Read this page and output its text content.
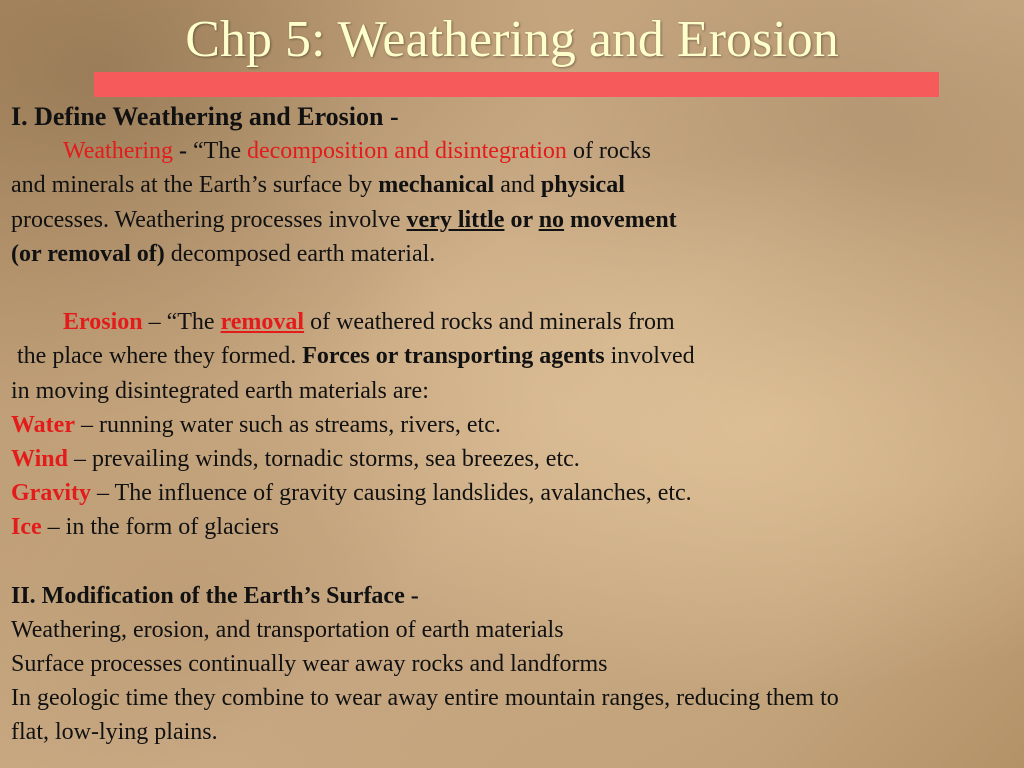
Chp 5: Weathering and Erosion
I. Define Weathering and Erosion -
Weathering - “The decomposition and disintegration of rocks
and minerals at the Earth’s surface by mechanical and physical
processes. Weathering processes involve very little or no movement
(or removal of) decomposed earth material.
Erosion – “The removal of weathered rocks and minerals from
the place where they formed. Forces or transporting agents involved
in moving disintegrated earth materials are:
Water – running water such as streams, rivers, etc.
Wind – prevailing winds, tornadic storms, sea breezes, etc.
Gravity – The influence of gravity causing landslides, avalanches, etc.
Ice – in the form of glaciers
II. Modification of the Earth’s Surface -
Weathering, erosion, and transportation of earth materials
Surface processes continually wear away rocks and landforms
In geologic time they combine to wear away entire mountain ranges, reducing them to
flat, low-lying plains.
